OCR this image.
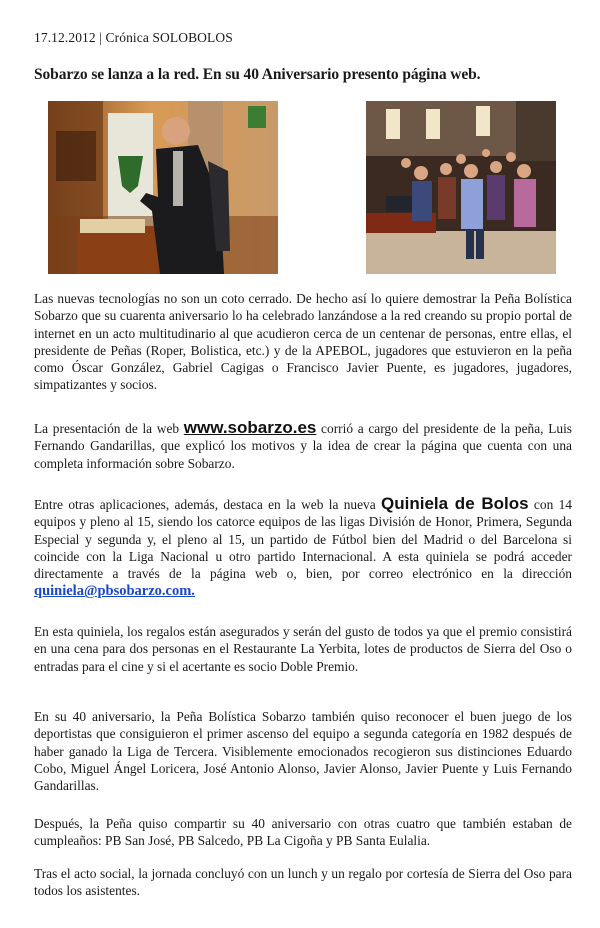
17.12.2012 | Crónica SOLOBOLOS
Sobarzo se lanza a la red. En su 40 Aniversario presento página web.

Las nuevas tecnologías no son un coto cerrado. De hecho así lo quiere demostrar la Peña Bolística Sobarzo que su cuarenta aniversario lo ha celebrado lanzándose a la red creando su propio portal de internet en un acto multitudinario al que acudieron cerca de un centenar de personas, entre ellas, el presidente de Peñas (Roper, Bolistica, etc.) y de la APEBOL, jugadores que estuvieron en la peña como Óscar González, Gabriel Cagigas o Francisco Javier Puente, es jugadores, jugadores, simpatizantes y socios.

La presentación de la web www.sobarzo.es corrió a cargo del presidente de la peña, Luis Fernando Gandarillas, que explicó los motivos y la idea de crear la página que cuenta con una completa información sobre Sobarzo.

Entre otras aplicaciones, además, destaca en la web la nueva Quiniela de Bolos con 14 equipos y pleno al 15, siendo los catorce equipos de las ligas División de Honor, Primera, Segunda Especial y segunda y, el pleno al 15, un partido de Fútbol bien del Madrid o del Barcelona si coincide con la Liga Nacional u otro partido Internacional. A esta quiniela se podrá acceder directamente a través de la página web o, bien, por correo electrónico en la dirección quiniela@pbsobarzo.com.

En esta quiniela, los regalos están asegurados y serán del gusto de todos ya que el premio consistirá en una cena para dos personas en el Restaurante La Yerbita, lotes de productos de Sierra del Oso o entradas para el cine y si el acertante es socio Doble Premio.

En su 40 aniversario, la Peña Bolística Sobarzo también quiso reconocer el buen juego de los deportistas que consiguieron el primer ascenso del equipo a segunda categoría en 1982 después de haber ganado la Liga de Tercera. Visiblemente emocionados recogieron sus distinciones Eduardo Cobo, Miguel Ángel Loricera, José Antonio Alonso, Javier Alonso, Javier Puente y Luis Fernando Gandarillas.

Después, la Peña quiso compartir su 40 aniversario con otras cuatro que también estaban de cumpleaños: PB San José, PB Salcedo, PB La Cigoña y PB Santa Eulalia.

Tras el acto social, la jornada concluyó con un lunch y un regalo por cortesía de Sierra del Oso para todos los asistentes.
